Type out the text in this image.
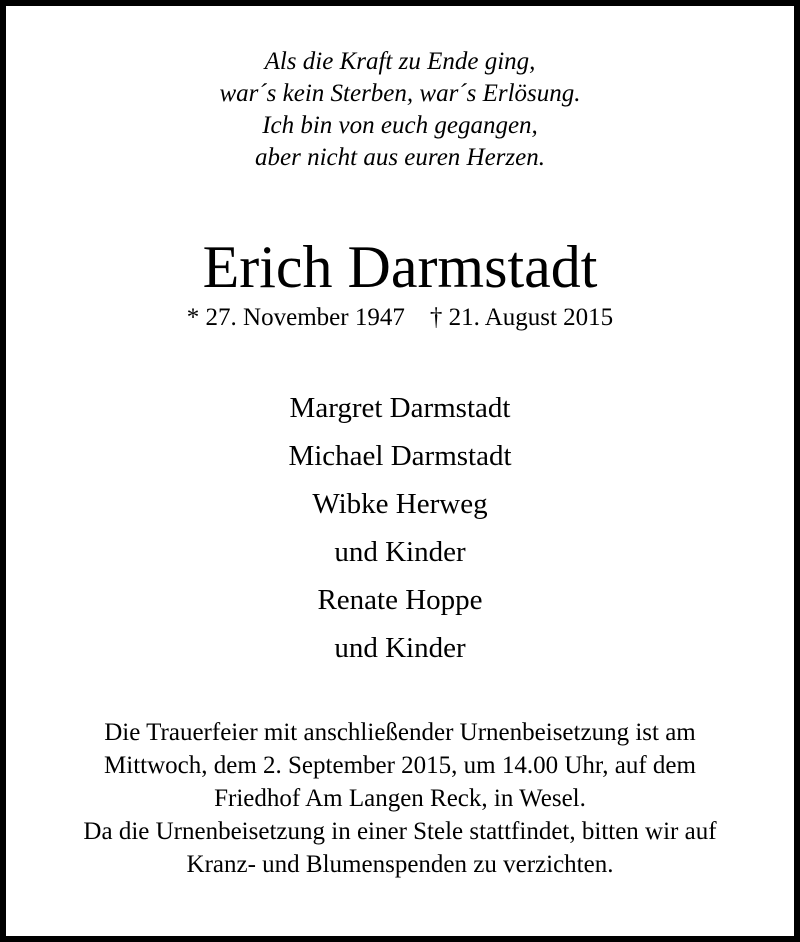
Als die Kraft zu Ende ging,
war´s kein Sterben, war´s Erlösung.
Ich bin von euch gegangen,
aber nicht aus euren Herzen.
Erich Darmstadt
* 27. November 1947 † 21. August 2015
Margret Darmstadt
Michael Darmstadt
Wibke Herweg
und Kinder
Renate Hoppe
und Kinder
Die Trauerfeier mit anschließender Urnenbeisetzung ist am
Mittwoch, dem 2. September 2015, um 14.00 Uhr, auf dem
Friedhof Am Langen Reck, in Wesel.
Da die Urnenbeisetzung in einer Stele stattfindet, bitten wir auf
Kranz- und Blumenspenden zu verzichten.
